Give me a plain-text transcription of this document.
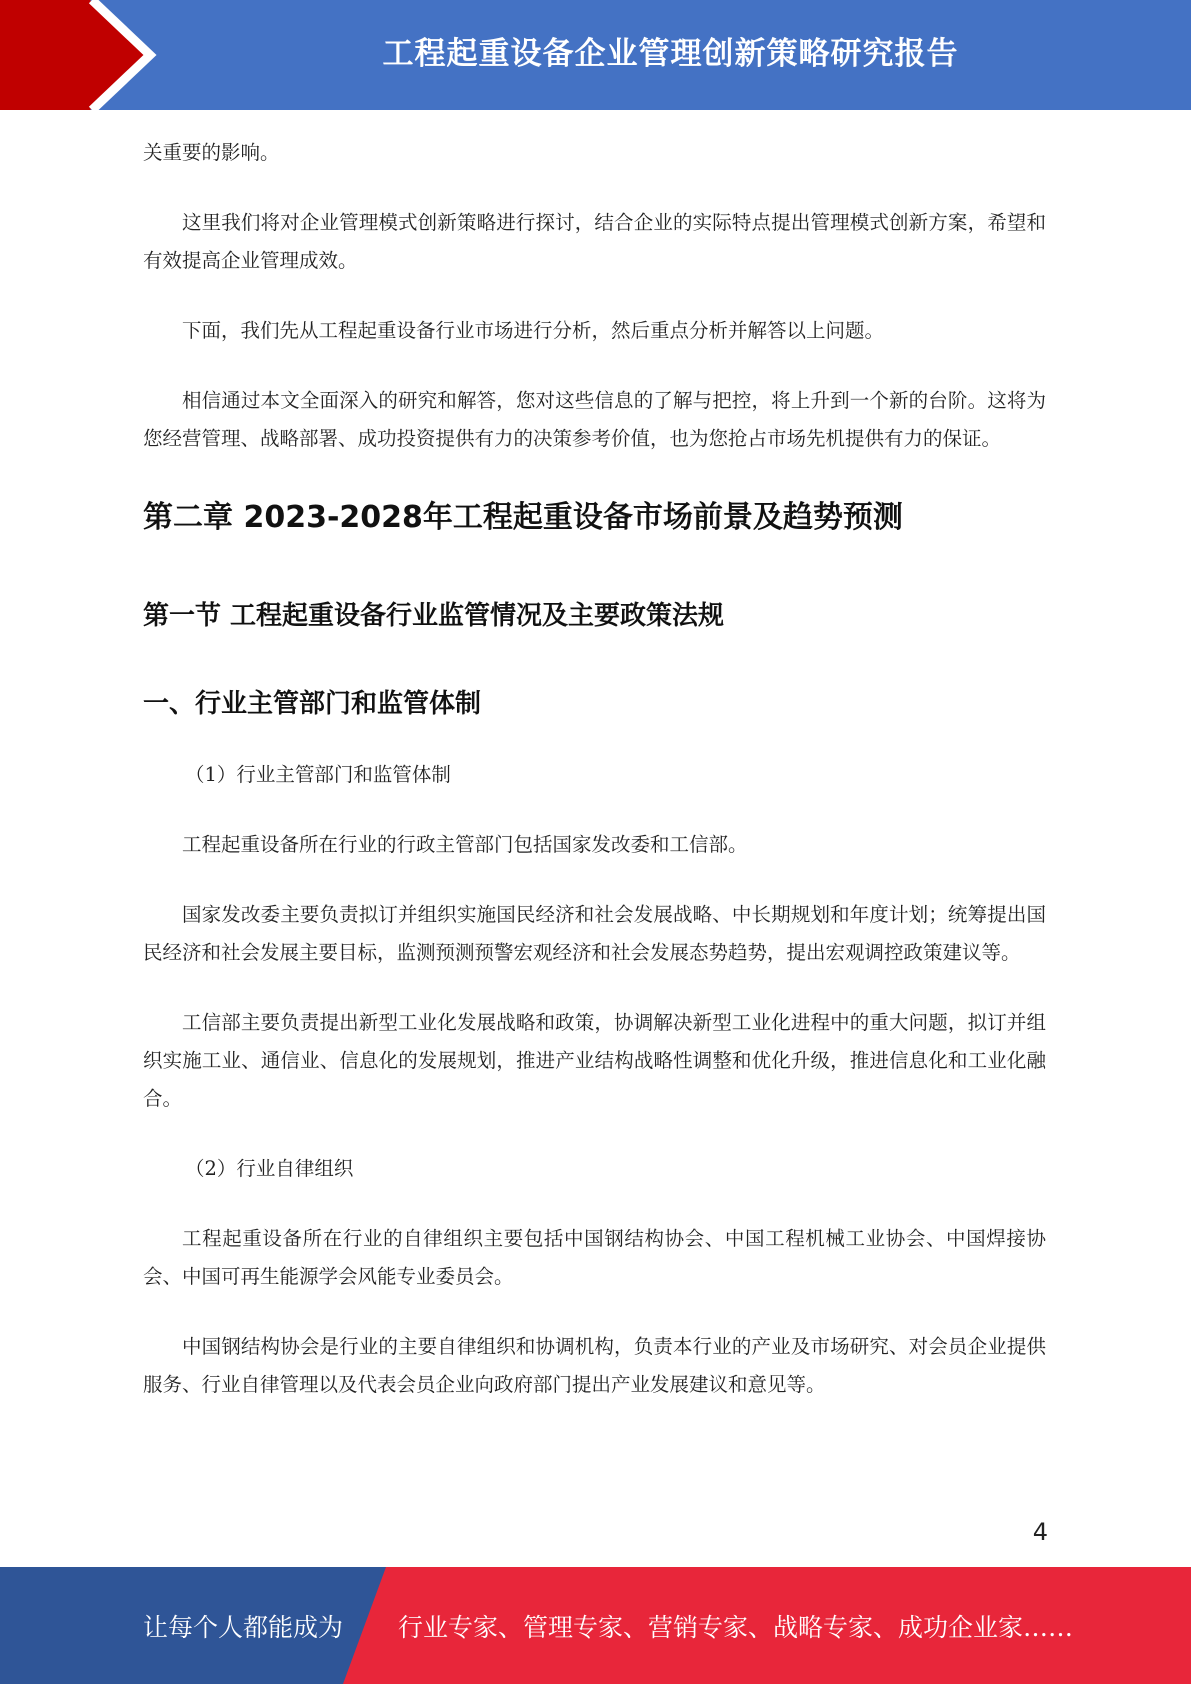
工程起重设备企业管理创新策略研究报告

关重要的影响。

这里我们将对企业管理模式创新策略进行探讨，结合企业的实际特点提出管理模式创新方案，希望和有效提高企业管理成效。

下面，我们先从工程起重设备行业市场进行分析，然后重点分析并解答以上问题。

相信通过本文全面深入的研究和解答，您对这些信息的了解与把控，将上升到一个新的台阶。这将为您经营管理、战略部署、成功投资提供有力的决策参考价值，也为您抢占市场先机提供有力的保证。

第二章 2023-2028年工程起重设备市场前景及趋势预测
第一节 工程起重设备行业监管情况及主要政策法规
一、行业主管部门和监管体制

（1）行业主管部门和监管体制

工程起重设备所在行业的行政主管部门包括国家发改委和工信部。

国家发改委主要负责拟订并组织实施国民经济和社会发展战略、中长期规划和年度计划；统筹提出国民经济和社会发展主要目标，监测预测预警宏观经济和社会发展态势趋势，提出宏观调控政策建议等。

工信部主要负责提出新型工业化发展战略和政策，协调解决新型工业化进程中的重大问题，拟订并组织实施工业、通信业、信息化的发展规划，推进产业结构战略性调整和优化升级，推进信息化和工业化融合。

（2）行业自律组织

工程起重设备所在行业的自律组织主要包括中国钢结构协会、中国工程机械工业协会、中国焊接协会、中国可再生能源学会风能专业委员会。

中国钢结构协会是行业的主要自律组织和协调机构，负责本行业的产业及市场研究、对会员企业提供服务、行业自律管理以及代表会员企业向政府部门提出产业发展建议和意见等。

4
让每个人都能成为 行业专家、管理专家、营销专家、战略专家、成功企业家……
